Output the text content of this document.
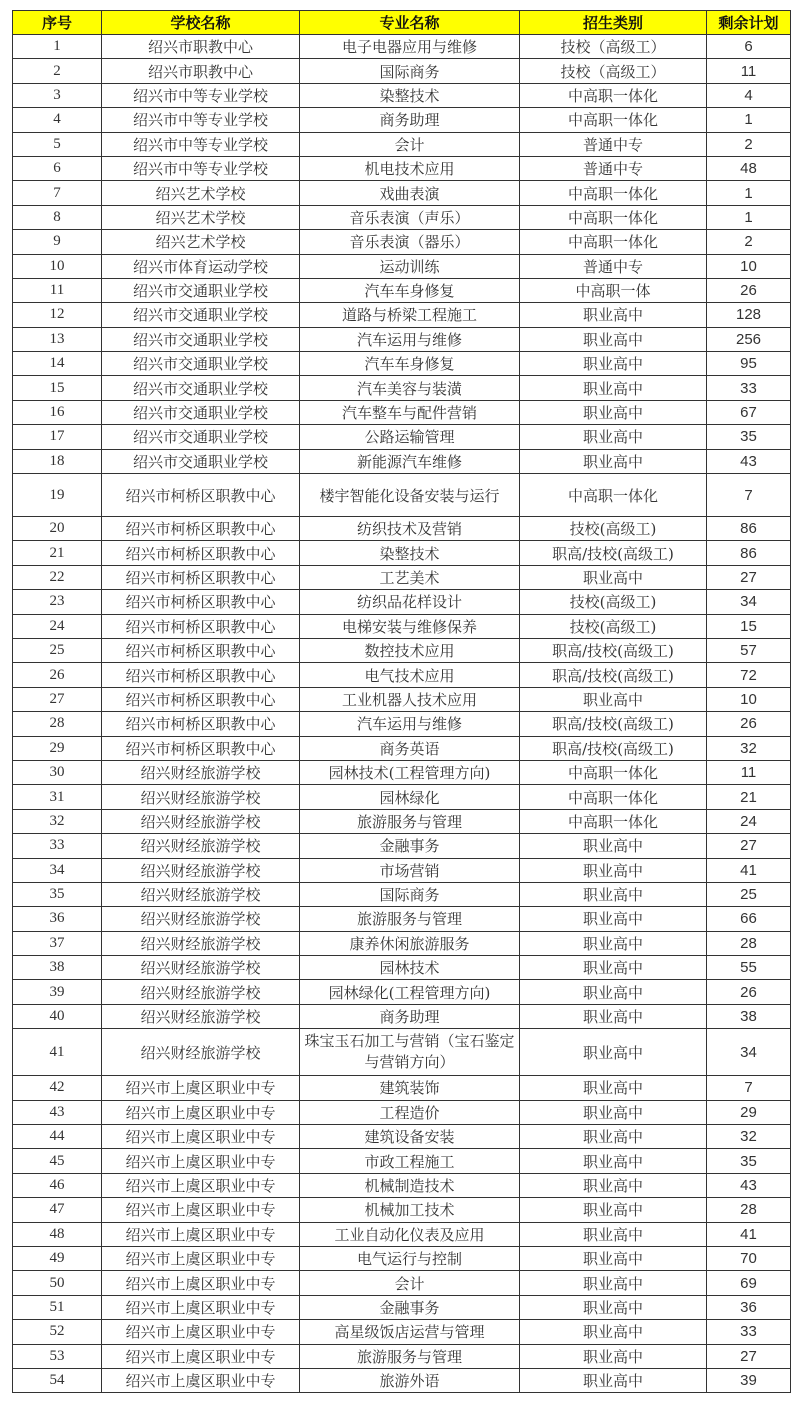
序号	学校名称	专业名称	招生类别	剩余计划
1	绍兴市职教中心	电子电器应用与维修	技校（高级工）	6
2	绍兴市职教中心	国际商务	技校（高级工）	11
3	绍兴市中等专业学校	染整技术	中高职一体化	4
4	绍兴市中等专业学校	商务助理	中高职一体化	1
5	绍兴市中等专业学校	会计	普通中专	2
6	绍兴市中等专业学校	机电技术应用	普通中专	48
7	绍兴艺术学校	戏曲表演	中高职一体化	1
8	绍兴艺术学校	音乐表演（声乐）	中高职一体化	1
9	绍兴艺术学校	音乐表演（器乐）	中高职一体化	2
10	绍兴市体育运动学校	运动训练	普通中专	10
11	绍兴市交通职业学校	汽车车身修复	中高职一体	26
12	绍兴市交通职业学校	道路与桥梁工程施工	职业高中	128
13	绍兴市交通职业学校	汽车运用与维修	职业高中	256
14	绍兴市交通职业学校	汽车车身修复	职业高中	95
15	绍兴市交通职业学校	汽车美容与装潢	职业高中	33
16	绍兴市交通职业学校	汽车整车与配件营销	职业高中	67
17	绍兴市交通职业学校	公路运输管理	职业高中	35
18	绍兴市交通职业学校	新能源汽车维修	职业高中	43
19	绍兴市柯桥区职教中心	楼宇智能化设备安装与运行	中高职一体化	7
20	绍兴市柯桥区职教中心	纺织技术及营销	技校(高级工)	86
21	绍兴市柯桥区职教中心	染整技术	职高/技校(高级工)	86
22	绍兴市柯桥区职教中心	工艺美术	职业高中	27
23	绍兴市柯桥区职教中心	纺织品花样设计	技校(高级工)	34
24	绍兴市柯桥区职教中心	电梯安装与维修保养	技校(高级工)	15
25	绍兴市柯桥区职教中心	数控技术应用	职高/技校(高级工)	57
26	绍兴市柯桥区职教中心	电气技术应用	职高/技校(高级工)	72
27	绍兴市柯桥区职教中心	工业机器人技术应用	职业高中	10
28	绍兴市柯桥区职教中心	汽车运用与维修	职高/技校(高级工)	26
29	绍兴市柯桥区职教中心	商务英语	职高/技校(高级工)	32
30	绍兴财经旅游学校	园林技术(工程管理方向)	中高职一体化	11
31	绍兴财经旅游学校	园林绿化	中高职一体化	21
32	绍兴财经旅游学校	旅游服务与管理	中高职一体化	24
33	绍兴财经旅游学校	金融事务	职业高中	27
34	绍兴财经旅游学校	市场营销	职业高中	41
35	绍兴财经旅游学校	国际商务	职业高中	25
36	绍兴财经旅游学校	旅游服务与管理	职业高中	66
37	绍兴财经旅游学校	康养休闲旅游服务	职业高中	28
38	绍兴财经旅游学校	园林技术	职业高中	55
39	绍兴财经旅游学校	园林绿化(工程管理方向)	职业高中	26
40	绍兴财经旅游学校	商务助理	职业高中	38
41	绍兴财经旅游学校	珠宝玉石加工与营销（宝石鉴定与营销方向）	职业高中	34
42	绍兴市上虞区职业中专	建筑装饰	职业高中	7
43	绍兴市上虞区职业中专	工程造价	职业高中	29
44	绍兴市上虞区职业中专	建筑设备安装	职业高中	32
45	绍兴市上虞区职业中专	市政工程施工	职业高中	35
46	绍兴市上虞区职业中专	机械制造技术	职业高中	43
47	绍兴市上虞区职业中专	机械加工技术	职业高中	28
48	绍兴市上虞区职业中专	工业自动化仪表及应用	职业高中	41
49	绍兴市上虞区职业中专	电气运行与控制	职业高中	70
50	绍兴市上虞区职业中专	会计	职业高中	69
51	绍兴市上虞区职业中专	金融事务	职业高中	36
52	绍兴市上虞区职业中专	高星级饭店运营与管理	职业高中	33
53	绍兴市上虞区职业中专	旅游服务与管理	职业高中	27
54	绍兴市上虞区职业中专	旅游外语	职业高中	39
